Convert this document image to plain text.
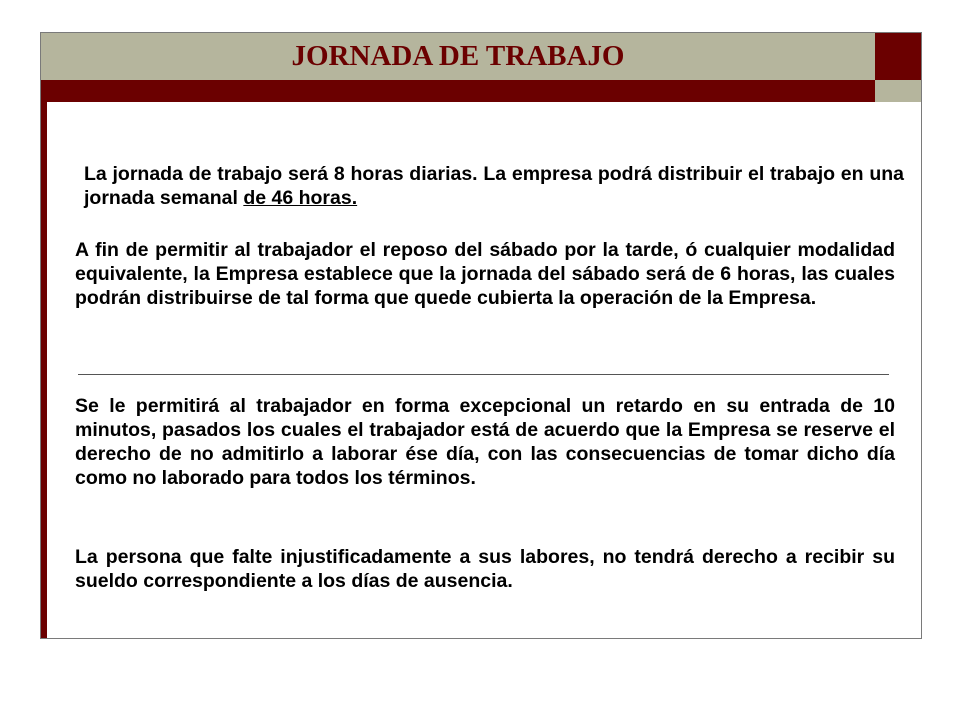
JORNADA DE TRABAJO

La jornada de trabajo será 8 horas diarias. La empresa podrá distribuir el trabajo en una jornada semanal de 46 horas.

A fin de permitir al trabajador el reposo del sábado por la tarde, ó cualquier modalidad equivalente, la Empresa establece que la jornada del sábado será de 6 horas, las cuales podrán distribuirse de tal forma que quede cubierta la operación de la Empresa.

Se le permitirá al trabajador en forma excepcional un retardo en su entrada de 10 minutos, pasados los cuales el trabajador está de acuerdo que la Empresa se reserve el derecho de no admitirlo a laborar ése día, con las consecuencias de tomar dicho día como no laborado para todos los términos.

La persona que falte injustificadamente a sus labores, no tendrá derecho a recibir su sueldo correspondiente a los días de ausencia.
